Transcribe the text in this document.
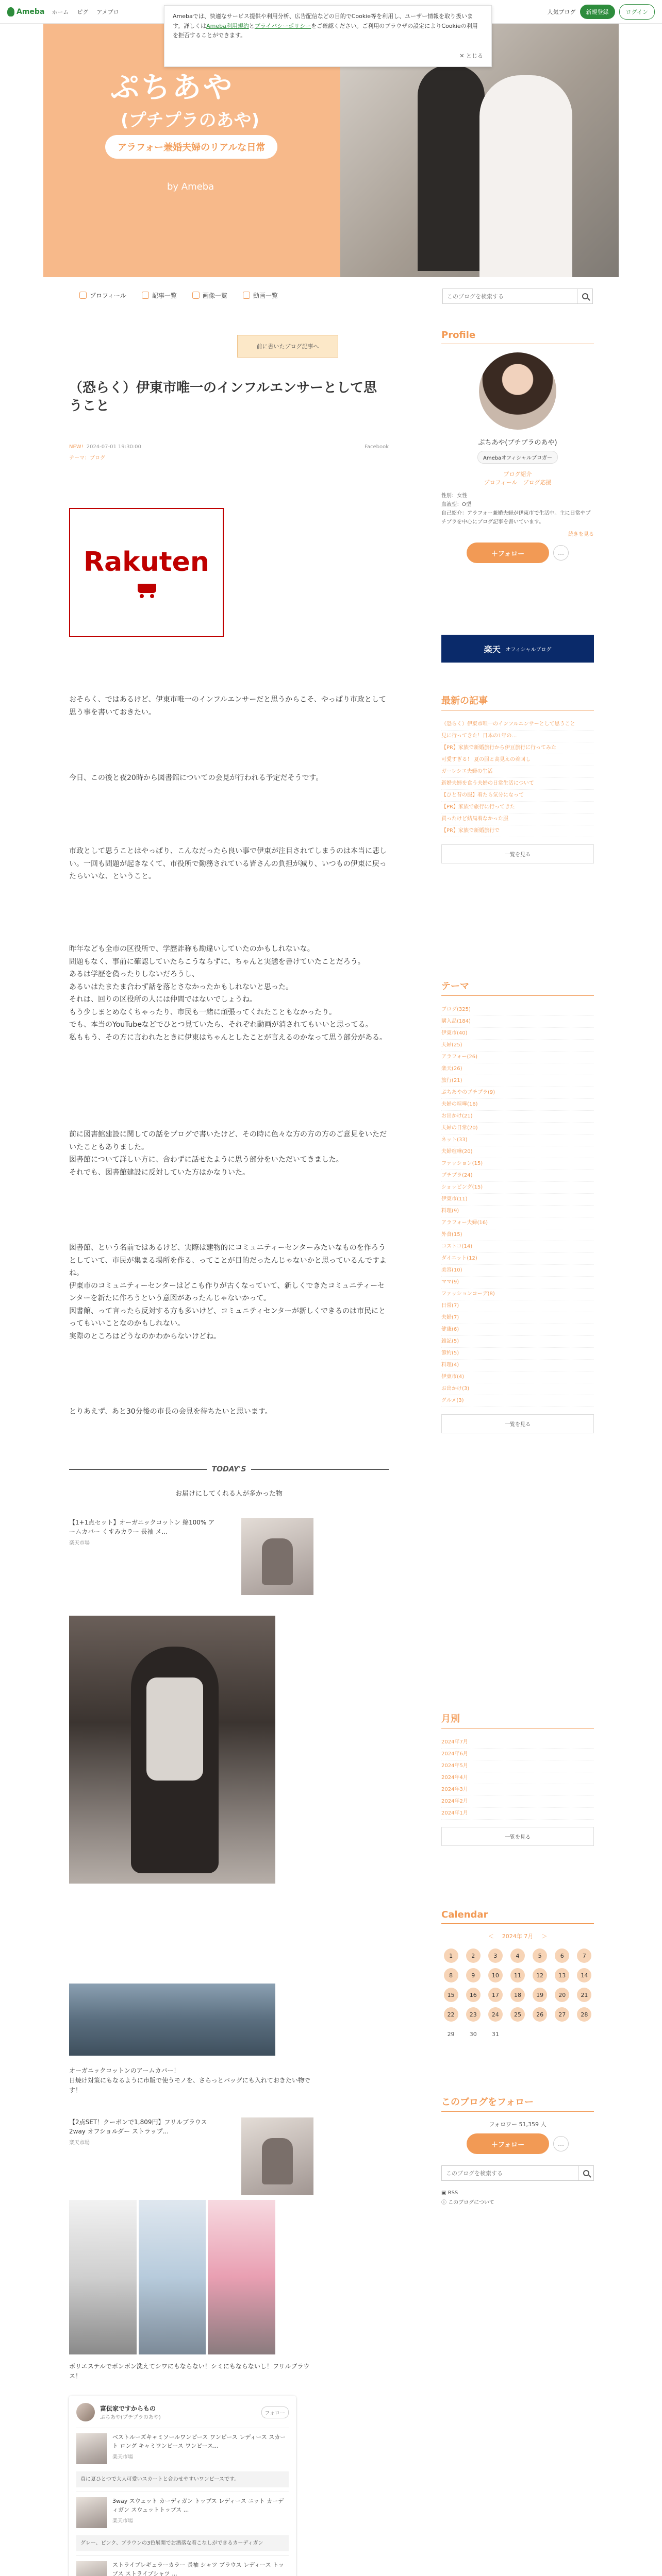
Ameba ホーム ピグ アメブロ	人気ブログ	新規登録	ログイン
Amebaでは、快適なサービス提供や利用分析、広告配信などの目的でCookie等を利用し、ユーザー情報を取り扱います。詳しくはAmeba利用規約とプライバシーポリシーをご確認ください。ご利用のブラウザの設定によりCookieの利用を拒否することができます。
✕ とじる
ぷちあや
(プチプラのあや)
アラフォー兼婚夫婦のリアルな日常
by Ameba
プロフィール	記事一覧	画像一覧	動画一覧
このブログを検索する
前に書いたブログ記事へ
（恐らく）伊東市唯一のインフルエンサーとして思うこと
NEW! 2024-07-01 19:30:00	Facebook
テーマ：ブログ
Rakuten

おそらく、ではあるけど、伊東市唯一のインフルエンサーだと思うからこそ、やっぱり市政として思う事を書いておきたい。

今日、この後と夜20時から図書館についての会見が行われる予定だそうです。

市政として思うことはやっぱり、こんなだったら良い事で伊東が注目されてしまうのは本当に悲しい。一回も問題が起きなくて、市役所で勤務されている皆さんの負担が減り、いつもの伊東に戻ったらいいな、ということ。

昨年なども全市の区役所で、学歴詐称も勘違いしていたのかもしれないな。
問題もなく、事前に確認していたらこうならずに、ちゃんと実態を書けていたことだろう。
あるは学歴を偽ったりしないだろうし、
あるいはたまたま合わず話を落とさなかったかもしれないと思った。
それは、回りの区役所の人には仲間ではないでしょうね。
もう少しまとめなくちゃったり、市民も一緒に頑張ってくれたこともなかったり。
でも、本当のYouTubeなどでひとつ見ていたら、それぞれ動画が消されてもいいと思ってる。
私ももう、その方に言われたときに伊東はちゃんとしたことが言えるのかなって思う部分がある。

前に図書館建設に関しての話をブログで書いたけど、その時に色々な方の方の方のご意見をいただいたこともありました。
図書館について詳しい方に、合わずに話せたように思う部分をいただいてきました。
それでも、図書館建設に反対していた方はかなりいた。

図書館、という名前ではあるけど、実際は建物的にコミュニティーセンターみたいなものを作ろうとしていて、市民が集まる場所を作る、ってことが目的だったんじゃないかと思っているんですよね。
伊東市のコミュニティーセンターはどこも作りが古くなっていて、新しくできたコミュニティーセンターを新たに作ろうという意図があったんじゃないかって。
図書館、って言ったら反対する方も多いけど、コミュニティセンターが新しくできるのは市民にとってもいいことなのかもしれない。
実際のところはどうなのかわからないけどね。

とりあえず、あと30分後の市長の会見を待ちたいと思います。

TODAY'S
お届けにしてくれる人が多かった物
【1+1点セット】オーガニックコットン 綿100% アームカバー くすみカラー 長袖 メ...
楽天市場

オーガニックコットンのアームカバー！
日焼け対策にもなるように市販で使うモノを、さらっとバッグにも入れておきたい物です！

【2点SET！クーポンで1,809円】フリルブラウス 2way オフショルダー ストラップ...
楽天市場

ボリエステルでボンボン洗えてシワにもならない！シミにもならないし！フリルブラウス！

富伝家ですからもの
ぷちあや(プチプラのあや)
フォロー
ベストルーズキャミソールワンピース ワンピース レディース スカート ロング キャミワンピース ワンピース...
楽天市場
真に夏ひとつで大人可愛いスカートと合わせやすいワンピースです。
3way スウェット カーディガン トップス レディース ニット カーディガン スウェットトップス ...
楽天市場
グレー、ピンク、ブラウンの3色展開でお洒落な着こなしができるカーディガン
ストライプレギュラーカラー 長袖 シャツ ブラウス レディース トップス ストライプシャツ ...
Profile
ぷちあや(プチプラのあや)
Amebaオフィシャルブロガー
ブログ紹介
プロフィール　 ブログ応援
性別：女性
血液型：O型
自己紹介：アラフォー兼婚夫婦が伊東市で生活中。主に日常やプチプラを中心にブログ記事を書いています。
続きを見る
＋フォロー	…
楽天 オフィシャルブログ
最新の記事
（恐らく）伊東市唯一のインフルエンサーとして思うこと
見に行ってきた！日本の1年の…
【PR】家族で新婚旅行から伊豆旅行に行ってみた
可愛すぎる！ 夏の服と高見えの着回し
ガーレシエ夫婦の生活
新婚夫婦を食う夫婦の日常生活について
【ひと昔の服】着たら気分になって
【PR】家族で旅行に行ってきた
買ったけど結局着なかった服
【PR】家族で新婚旅行で
一覧を見る
テーマ
ブログ(325)
購入品(184)
伊東市(40)
夫婦(25)
アラフォー(26)
楽天(26)
旅行(21)
ぷちあやのプチプラ(9)
夫婦の喧嘩(16)
お出かけ(21)
夫婦の日常(20)
ネット(33)
夫婦喧嘩(20)
ファッション(15)
プチプラ(24)
ショッピング(15)
伊東市(11)
料理(9)
アラフォー夫婦(16)
外食(15)
コストコ(14)
ダイエット(12)
美容(10)
ママ(9)
ファッションコーデ(8)
日常(7)
夫婦(7)
健康(6)
雑記(5)
節約(5)
料理(4)
伊東市(4)
お出かけ(3)
グルメ(3)
一覧を見る
月別
2024年7月
2024年6月
2024年5月
2024年4月
2024年3月
2024年2月
2024年1月
一覧を見る
Calendar
＜ 2024年 7月 ＞
1	2	3	4	5	6	7
8	9	10	11	12	13	14
15	16	17	18	19	20	21
22	23	24	25	26	27	28
29	30	31
このブログをフォロー
フォロワー 51,359 人
＋フォロー	…
このブログを検索する
▣ RSS
ⓘ このブログについて
